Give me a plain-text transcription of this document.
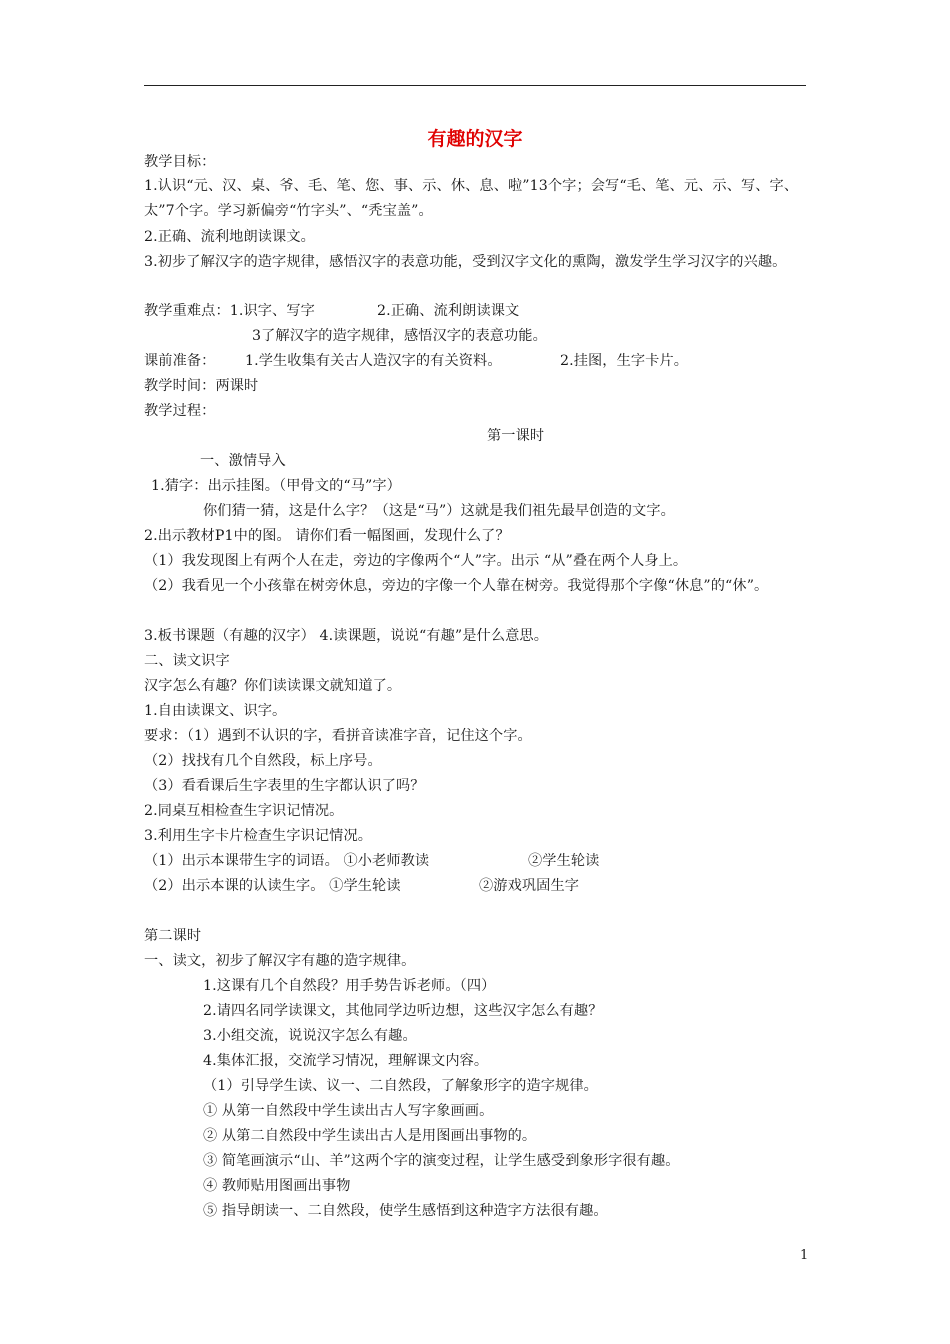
有趣的汉字
教学目标：
1.认识“元、汉、桌、爷、毛、笔、您、事、示、休、息、啦”13个字；会写“毛、笔、元、示、写、字、太”7个字。学习新偏旁“竹字头”、“秃宝盖”。
2.正确、流利地朗读课文。
3.初步了解汉字的造字规律，感悟汉字的表意功能，受到汉字文化的熏陶，激发学生学习汉字的兴趣。
教学重难点：1.识字、写字	2.正确、流利朗读课文
3了解汉字的造字规律，感悟汉字的表意功能。
课前准备： 1.学生收集有关古人造汉字的有关资料。	2.挂图，生字卡片。
教学时间：两课时
教学过程：
第一课时
一、激情导入
1.猜字：出示挂图。（甲骨文的“马”字）
你们猜一猜，这是什么字？（这是“马”）这就是我们祖先最早创造的文字。
2.出示教材P1中的图。 请你们看一幅图画，发现什么了？
（1）我发现图上有两个人在走，旁边的字像两个“人”字。出示 “从”叠在两个人身上。
（2）我看见一个小孩靠在树旁休息，旁边的字像一个人靠在树旁。我觉得那个字像“休息”的“休”。
3.板书课题（有趣的汉字） 4.读课题，说说“有趣”是什么意思。
二、读文识字
汉字怎么有趣？你们读读课文就知道了。
1.自由读课文、识字。
要求：（1）遇到不认识的字，看拼音读准字音，记住这个字。
（2）找找有几个自然段，标上序号。
（3）看看课后生字表里的生字都认识了吗？
2.同桌互相检查生字识记情况。
3.利用生字卡片检查生字识记情况。
（1）出示本课带生字的词语。 ①小老师教读	②学生轮读
（2）出示本课的认读生字。 ①学生轮读	②游戏巩固生字
第二课时
一、读文，初步了解汉字有趣的造字规律。
1.这课有几个自然段？用手势告诉老师。（四）
2.请四名同学读课文，其他同学边听边想，这些汉字怎么有趣？
3.小组交流，说说汉字怎么有趣。
4.集体汇报，交流学习情况，理解课文内容。
（1）引导学生读、议一、二自然段，了解象形字的造字规律。
① 从第一自然段中学生读出古人写字象画画。
② 从第二自然段中学生读出古人是用图画出事物的。
③ 简笔画演示“山、羊”这两个字的演变过程，让学生感受到象形字很有趣。
④ 教师贴用图画出事物
⑤ 指导朗读一、二自然段，使学生感悟到这种造字方法很有趣。
1
